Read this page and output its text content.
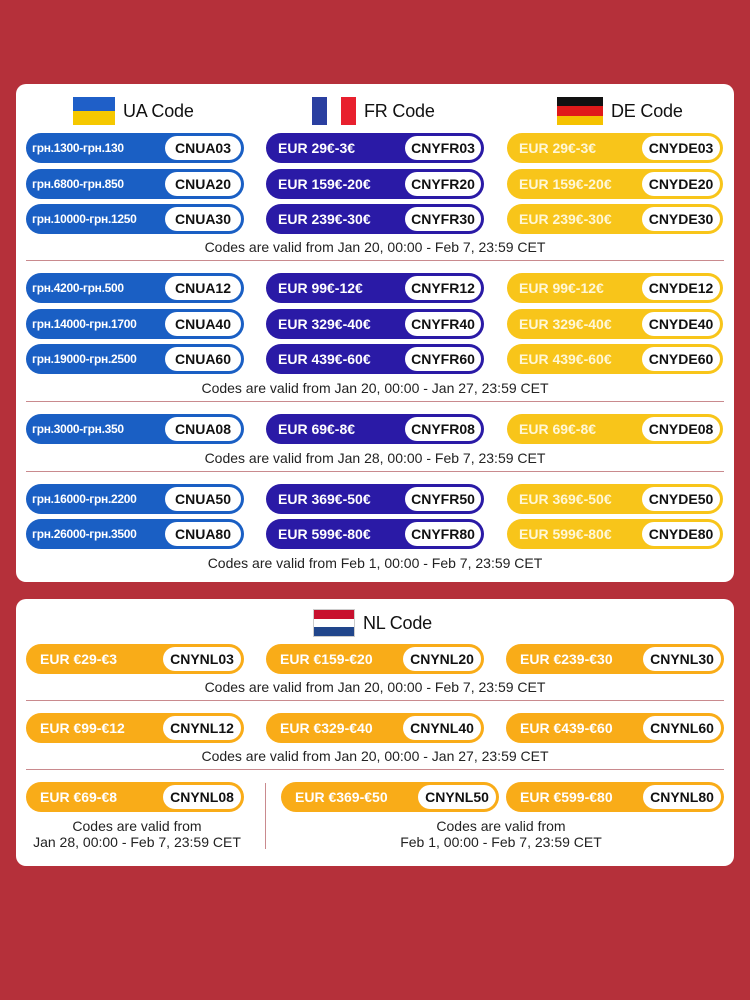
UA Code	FR Code	DE Code
грн.1300-грн.130	CNUA03	EUR 29€-3€	CNYFR03	EUR 29€-3€	CNYDE03
грн.6800-грн.850	CNUA20	EUR 159€-20€	CNYFR20	EUR 159€-20€	CNYDE20
грн.10000-грн.1250	CNUA30	EUR 239€-30€	CNYFR30	EUR 239€-30€	CNYDE30
Codes are valid from Jan 20, 00:00 - Feb 7, 23:59 CET
грн.4200-грн.500	CNUA12	EUR 99€-12€	CNYFR12	EUR 99€-12€	CNYDE12
грн.14000-грн.1700	CNUA40	EUR 329€-40€	CNYFR40	EUR 329€-40€	CNYDE40
грн.19000-грн.2500	CNUA60	EUR 439€-60€	CNYFR60	EUR 439€-60€	CNYDE60
Codes are valid from Jan 20, 00:00 - Jan 27, 23:59 CET
грн.3000-грн.350	CNUA08	EUR 69€-8€	CNYFR08	EUR 69€-8€	CNYDE08
Codes are valid from Jan 28, 00:00 - Feb 7, 23:59 CET
грн.16000-грн.2200	CNUA50	EUR 369€-50€	CNYFR50	EUR 369€-50€	CNYDE50
грн.26000-грн.3500	CNUA80	EUR 599€-80€	CNYFR80	EUR 599€-80€	CNYDE80
Codes are valid from Feb 1, 00:00 - Feb 7, 23:59 CET
NL Code
EUR €29-€3	CNYNL03	EUR €159-€20	CNYNL20	EUR €239-€30	CNYNL30
Codes are valid from Jan 20, 00:00 - Feb 7, 23:59 CET
EUR €99-€12	CNYNL12	EUR €329-€40	CNYNL40	EUR €439-€60	CNYNL60
Codes are valid from Jan 20, 00:00 - Jan 27, 23:59 CET
EUR €69-€8	CNYNL08	EUR €369-€50	CNYNL50	EUR €599-€80	CNYNL80
Codes are valid from
Jan 28, 00:00 - Feb 7, 23:59 CET
Codes are valid from
Feb 1, 00:00 - Feb 7, 23:59 CET
